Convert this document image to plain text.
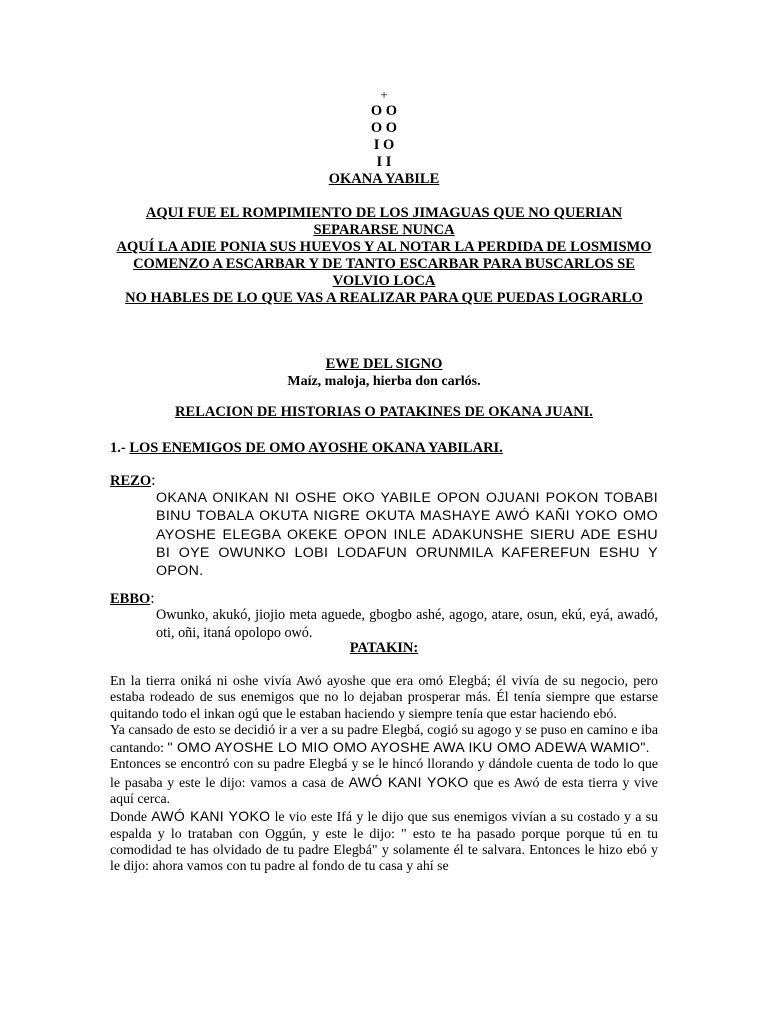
+
O O
O O
I O
I I
OKANA YABILE
AQUI FUE EL ROMPIMIENTO DE LOS JIMAGUAS QUE NO QUERIAN SEPARARSE NUNCA
AQUÍ LA ADIE PONIA SUS HUEVOS Y AL NOTAR LA PERDIDA DE LOSMISMO
COMENZO A ESCARBAR Y DE TANTO ESCARBAR PARA BUSCARLOS SE VOLVIO LOCA
NO HABLES DE LO QUE VAS A REALIZAR PARA QUE PUEDAS LOGRARLO
EWE DEL SIGNO
Maíz, maloja, hierba don carlós.
RELACION DE HISTORIAS O PATAKINES DE OKANA JUANI.
1.- LOS ENEMIGOS DE OMO AYOSHE OKANA YABILARI.
REZO:
OKANA ONIKAN NI OSHE OKO YABILE OPON OJUANI POKON TOBABI BINU TOBALA OKUTA NIGRE OKUTA MASHAYE AWÓ KAÑI YOKO OMO AYOSHE ELEGBA OKEKE OPON INLE ADAKUNSHE SIERU ADE ESHU BI OYE OWUNKO LOBI LODAFUN ORUNMILA KAFEREFUN ESHU Y OPON.
EBBO:
Owunko, akukó, jiojio meta aguede, gbogbo ashé, agogo, atare, osun, ekú, eyá, awadó, oti, oñi, itaná opolopo owó.
PATAKIN:

En la tierra oniká ni oshe vivía Awó ayoshe que era omó Elegbá; él vivía de su negocio, pero estaba rodeado de sus enemigos que no lo dejaban prosperar más. Él tenía siempre que estarse quitando todo el inkan ogú que le estaban haciendo y siempre tenía que estar haciendo ebó.

Ya cansado de esto se decidió ir a ver a su padre Elegbá, cogió su agogo y se puso en camino e iba cantando: " OMO AYOSHE LO MIO OMO AYOSHE AWA IKU OMO ADEWA WAMIO".

Entonces se encontró con su padre Elegbá y se le hincó llorando y dándole cuenta de todo lo que le pasaba y este le dijo: vamos a casa de AWÓ KANI YOKO que es Awó de esta tierra y vive aquí cerca.

Donde AWÓ KANI YOKO le vio este Ifá y le dijo que sus enemigos vivían a su costado y a su espalda y lo trataban con Oggún, y este le dijo: " esto te ha pasado porque porque tú en tu comodidad te has olvidado de tu padre Elegbá" y solamente él te salvara. Entonces le hizo ebó y le dijo: ahora vamos con tu padre al fondo de tu casa y ahí se
